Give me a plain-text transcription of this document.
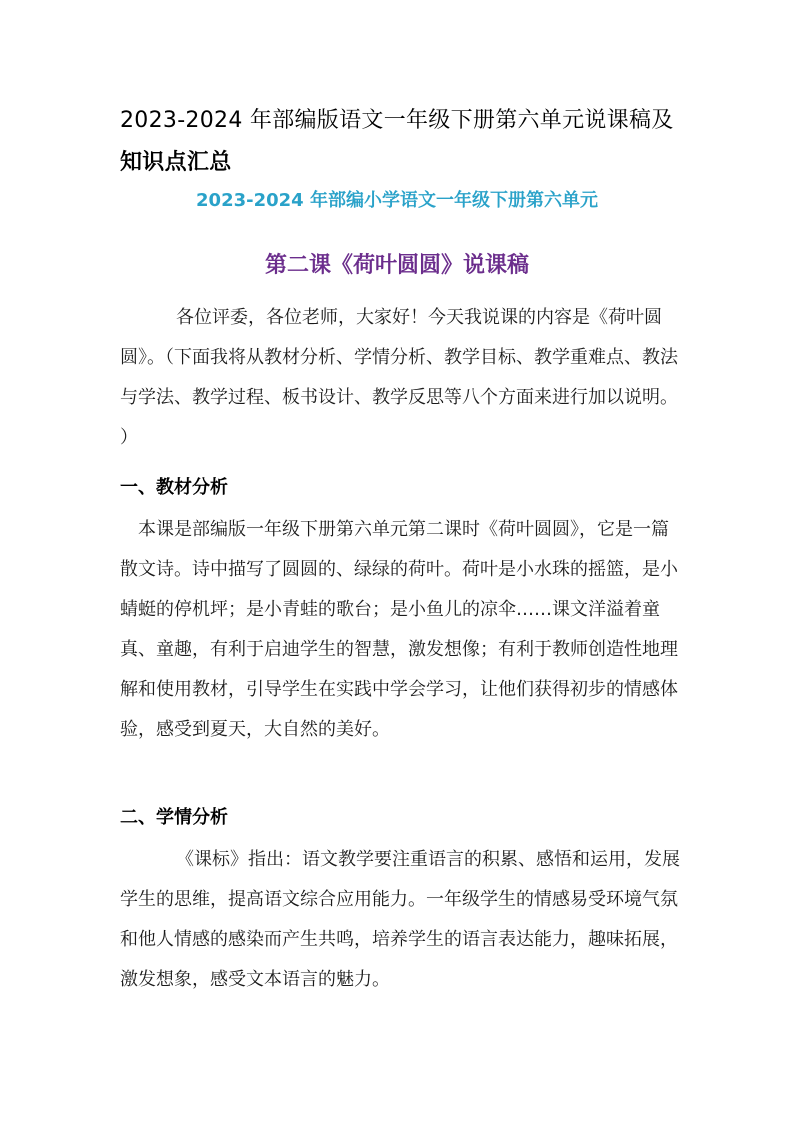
2023-2024 年部编版语文一年级下册第六单元说课稿及知识点汇总
2023-2024 年部编小学语文一年级下册第六单元
第二课《荷叶圆圆》说课稿

各位评委，各位老师，大家好！今天我说课的内容是《荷叶圆圆》。（下面我将从教材分析、学情分析、教学目标、教学重难点、教法与学法、教学过程、板书设计、教学反思等八个方面来进行加以说明。 ）

一、教材分析

本课是部编版一年级下册第六单元第二课时《荷叶圆圆》，它是一篇散文诗。诗中描写了圆圆的、绿绿的荷叶。荷叶是小水珠的摇篮，是小蜻蜓的停机坪；是小青蛙的歌台；是小鱼儿的凉伞……课文洋溢着童真、童趣，有利于启迪学生的智慧，激发想像；有利于教师创造性地理解和使用教材，引导学生在实践中学会学习，让他们获得初步的情感体验，感受到夏天，大自然的美好。

二、学情分析

《课标》指出：语文教学要注重语言的积累、感悟和运用，发展学生的思维，提高语文综合应用能力。一年级学生的情感易受环境气氛和他人情感的感染而产生共鸣，培养学生的语言表达能力，趣味拓展，激发想象，感受文本语言的魅力。
